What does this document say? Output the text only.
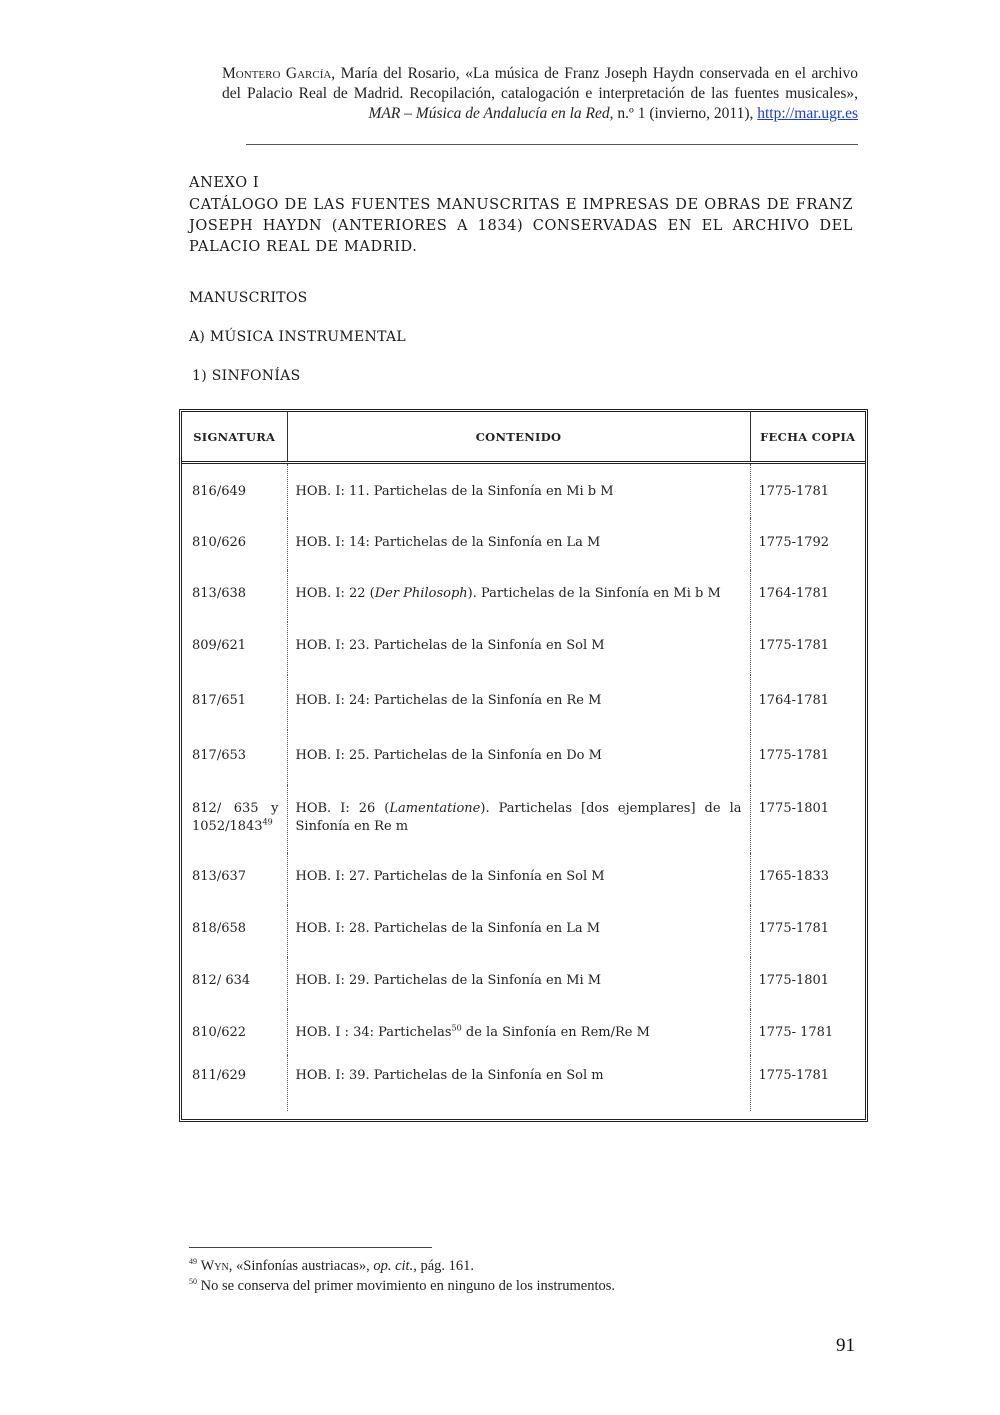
Montero García, María del Rosario, «La música de Franz Joseph Haydn conservada en el archivo del Palacio Real de Madrid. Recopilación, catalogación e interpretación de las fuentes musicales», MAR – Música de Andalucía en la Red, n.º 1 (invierno, 2011), http://mar.ugr.es
ANEXO I
CATÁLOGO DE LAS FUENTES MANUSCRITAS E IMPRESAS DE OBRAS DE FRANZ JOSEPH HAYDN (ANTERIORES A 1834) CONSERVADAS EN EL ARCHIVO DEL PALACIO REAL DE MADRID.
MANUSCRITOS
A) MÚSICA INSTRUMENTAL
1) SINFONÍAS
SIGNATURA	CONTENIDO	FECHA COPIA
816/649	HOB. I: 11. Partichelas de la Sinfonía en Mi b M	1775-1781
810/626	HOB. I: 14: Partichelas de la Sinfonía en La M	1775-1792
813/638	HOB. I: 22 (Der Philosoph). Partichelas de la Sinfonía en Mi b M	1764-1781
809/621	HOB. I: 23. Partichelas de la Sinfonía en Sol M	1775-1781
817/651	HOB. I: 24: Partichelas de la Sinfonía en Re M	1764-1781
817/653	HOB. I: 25. Partichelas de la Sinfonía en Do M	1775-1781
812/ 635 y 1052/1843$^{49}$	HOB. I: 26 (Lamentatione). Partichelas [dos ejemplares] de la Sinfonía en Re m	1775-1801
813/637	HOB. I: 27. Partichelas de la Sinfonía en Sol M	1765-1833
818/658	HOB. I: 28. Partichelas de la Sinfonía en La M	1775-1781
812/ 634	HOB. I: 29. Partichelas de la Sinfonía en Mi M	1775-1801
810/622	HOB. I : 34: Partichelas$^{50}$ de la Sinfonía en Rem/Re M	1775- 1781
811/629	HOB. I: 39. Partichelas de la Sinfonía en Sol m	1775-1781
$^{49}$ Wyn, «Sinfonías austriacas», op. cit., pág. 161.
$^{50}$ No se conserva del primer movimiento en ninguno de los instrumentos.
91
